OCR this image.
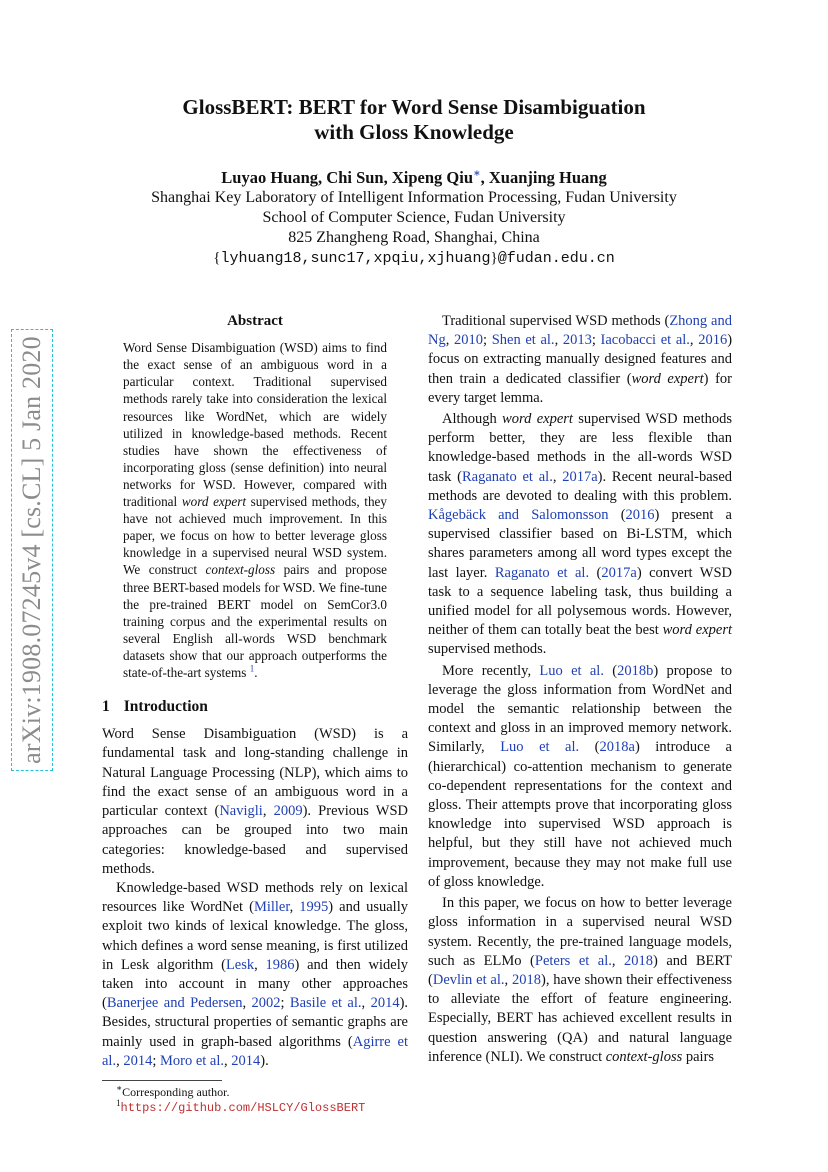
arXiv:1908.07245v4 [cs.CL] 5 Jan 2020
GlossBERT: BERT for Word Sense Disambiguation
with Gloss Knowledge
Luyao Huang, Chi Sun, Xipeng Qiu∗, Xuanjing Huang
Shanghai Key Laboratory of Intelligent Information Processing, Fudan University
School of Computer Science, Fudan University
825 Zhangheng Road, Shanghai, China
{lyhuang18,sunc17,xpqiu,xjhuang}@fudan.edu.cn
Abstract

Word Sense Disambiguation (WSD) aims to find the exact sense of an ambiguous word in a particular context. Traditional supervised methods rarely take into consideration the lexical resources like WordNet, which are widely utilized in knowledge-based methods. Recent studies have shown the effectiveness of incorporating gloss (sense definition) into neural networks for WSD. However, compared with traditional word expert supervised methods, they have not achieved much improvement. In this paper, we focus on how to better leverage gloss knowledge in a supervised neural WSD system. We construct context-gloss pairs and propose three BERT-based models for WSD. We fine-tune the pre-trained BERT model on SemCor3.0 training corpus and the experimental results on several English all-words WSD benchmark datasets show that our approach outperforms the state-of-the-art systems $^1$.

1 Introduction

Word Sense Disambiguation (WSD) is a fundamental task and long-standing challenge in Natural Language Processing (NLP), which aims to find the exact sense of an ambiguous word in a particular context (Navigli, 2009). Previous WSD approaches can be grouped into two main categories: knowledge-based and supervised methods.

Knowledge-based WSD methods rely on lexical resources like WordNet (Miller, 1995) and usually exploit two kinds of lexical knowledge. The gloss, which defines a word sense meaning, is first utilized in Lesk algorithm (Lesk, 1986) and then widely taken into account in many other approaches (Banerjee and Pedersen, 2002; Basile et al., 2014). Besides, structural properties of semantic graphs are mainly used in graph-based algorithms (Agirre et al., 2014; Moro et al., 2014).

∗Corresponding author.
$^1$https://github.com/HSLCY/GlossBERT

Traditional supervised WSD methods (Zhong and Ng, 2010; Shen et al., 2013; Iacobacci et al., 2016) focus on extracting manually designed features and then train a dedicated classifier (word expert) for every target lemma.

Although word expert supervised WSD methods perform better, they are less flexible than knowledge-based methods in the all-words WSD task (Raganato et al., 2017a). Recent neural-based methods are devoted to dealing with this problem. Kågebäck and Salomonsson (2016) present a supervised classifier based on Bi-LSTM, which shares parameters among all word types except the last layer. Raganato et al. (2017a) convert WSD task to a sequence labeling task, thus building a unified model for all polysemous words. However, neither of them can totally beat the best word expert supervised methods.

More recently, Luo et al. (2018b) propose to leverage the gloss information from WordNet and model the semantic relationship between the context and gloss in an improved memory network. Similarly, Luo et al. (2018a) introduce a (hierarchical) co-attention mechanism to generate co-dependent representations for the context and gloss. Their attempts prove that incorporating gloss knowledge into supervised WSD approach is helpful, but they still have not achieved much improvement, because they may not make full use of gloss knowledge.

In this paper, we focus on how to better leverage gloss information in a supervised neural WSD system. Recently, the pre-trained language models, such as ELMo (Peters et al., 2018) and BERT (Devlin et al., 2018), have shown their effectiveness to alleviate the effort of feature engineering. Especially, BERT has achieved excellent results in question answering (QA) and natural language inference (NLI). We construct context-gloss pairs
